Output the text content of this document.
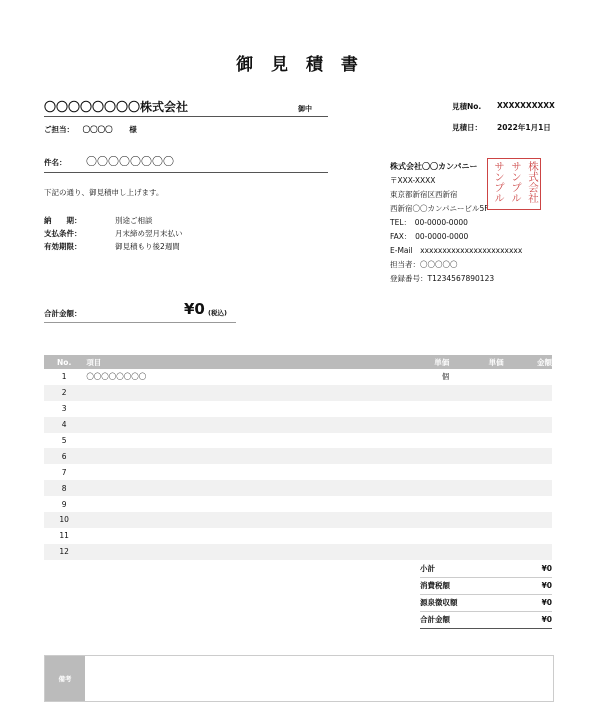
御 見 積 書
〇〇〇〇〇〇〇〇株式会社	御中
ご担当： 〇〇〇〇 様
見積No. XXXXXXXXXX
見積日： 2022年1月1日
件名： 〇〇〇〇〇〇〇〇
下記の通り、御見積申し上げます。
納　　期：	別途ご相談
支払条件：	月末締め翌月末払い
有効期限：	御見積もり後2週間
株式会社〇〇カンパニー
〒XXX-XXXX
東京都新宿区西新宿
西新宿〇〇カンパニービル5F
TEL：　00-0000-0000
FAX：　00-0000-0000
E-Mail　xxxxxxxxxxxxxxxxxxxxxxx
担当者：〇〇〇〇〇
登録番号：T1234567890123
株式会社
サンプル
サンプル
合計金額：	¥0 (税込)
No.	項目	単価	単価	金額
1	〇〇〇〇〇〇〇〇	個		
2				
3				
4				
5				
6				
7				
8				
9				
10				
11				
12				
小計	¥0
消費税額	¥0
源泉徴収額	¥0
合計金額	¥0
備考
